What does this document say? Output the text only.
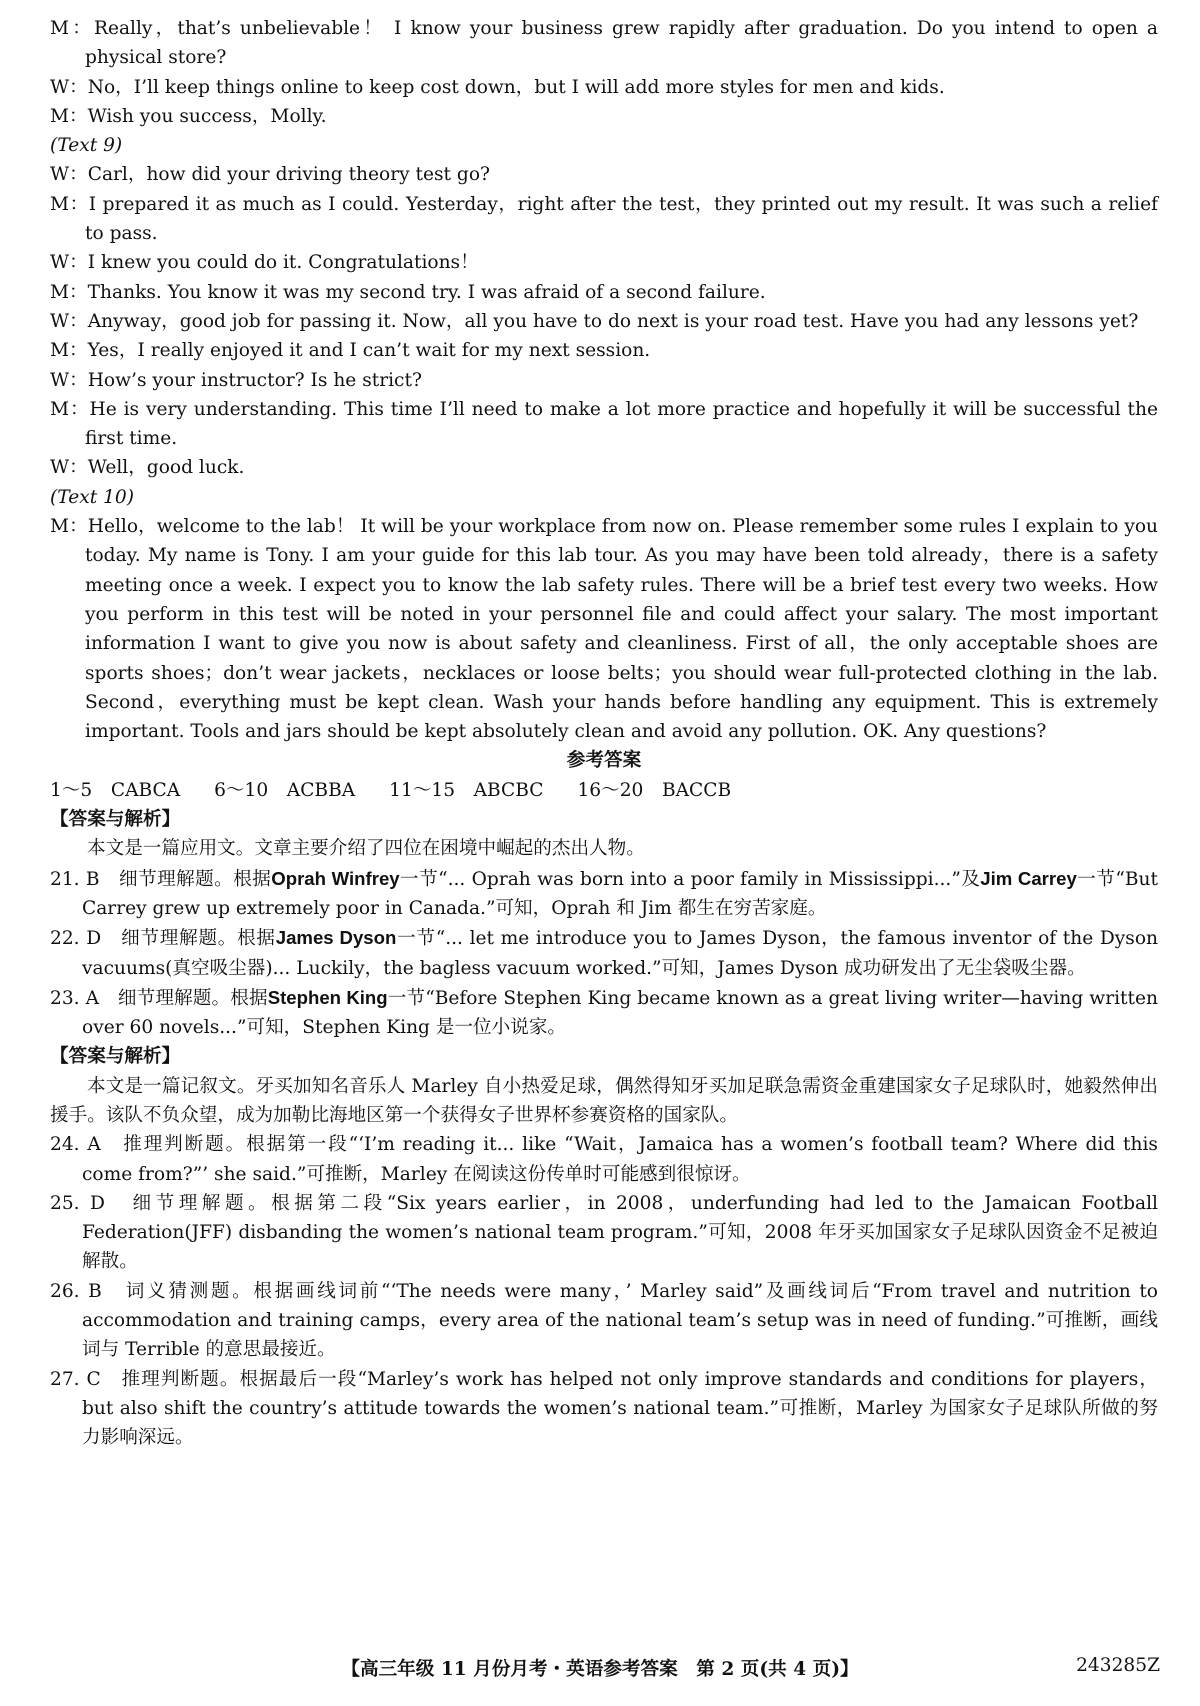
M：Really，that’s unbelievable！ I know your business grew rapidly after graduation. Do you intend to open a physical store?
W：No，I’ll keep things online to keep cost down，but I will add more styles for men and kids.
M：Wish you success，Molly.
(Text 9)
W：Carl，how did your driving theory test go?
M：I prepared it as much as I could. Yesterday，right after the test，they printed out my result. It was such a relief to pass.
W：I knew you could do it. Congratulations！
M：Thanks. You know it was my second try. I was afraid of a second failure.
W：Anyway，good job for passing it. Now，all you have to do next is your road test. Have you had any lessons yet?
M：Yes，I really enjoyed it and I can’t wait for my next session.
W：How’s your instructor? Is he strict?
M：He is very understanding. This time I’ll need to make a lot more practice and hopefully it will be successful the first time.
W：Well，good luck.
(Text 10)
M：Hello，welcome to the lab！ It will be your workplace from now on. Please remember some rules I explain to you today. My name is Tony. I am your guide for this lab tour. As you may have been told already，there is a safety meeting once a week. I expect you to know the lab safety rules. There will be a brief test every two weeks. How you perform in this test will be noted in your personnel file and could affect your salary. The most important information I want to give you now is about safety and cleanliness. First of all，the only acceptable shoes are sports shoes；don’t wear jackets，necklaces or loose belts；you should wear full-protected clothing in the lab. Second，everything must be kept clean. Wash your hands before handling any equipment. This is extremely important. Tools and jars should be kept absolutely clean and avoid any pollution. OK. Any questions?
参考答案
1～5　CABCA 6～10　ACBBA 11～15　ABCBC 16～20　BACCB
【答案与解析】
本文是一篇应用文。文章主要介绍了四位在困境中崛起的杰出人物。
21. B　 细节理解题。根据Oprah Winfrey一节“... Oprah was born into a poor family in Mississippi...”及Jim Carrey一节“But Carrey grew up extremely poor in Canada.”可知，Oprah 和 Jim 都生在穷苦家庭。
22. D　 细节理解题。根据James Dyson一节“... let me introduce you to James Dyson，the famous inventor of the Dyson vacuums(真空吸尘器)... Luckily，the bagless vacuum worked.”可知，James Dyson 成功研发出了无尘袋吸尘器。
23. A　 细节理解题。根据Stephen King一节“Before Stephen King became known as a great living writer—having written over 60 novels...”可知，Stephen King 是一位小说家。
【答案与解析】
本文是一篇记叙文。牙买加知名音乐人 Marley 自小热爱足球，偶然得知牙买加足联急需资金重建国家女子足球队时，她毅然伸出援手。该队不负众望，成为加勒比海地区第一个获得女子世界杯参赛资格的国家队。
24. A　 推理判断题。根据第一段“‘I’m reading it... like “Wait，Jamaica has a women’s football team? Where did this come from?”’ she said.”可推断，Marley 在阅读这份传单时可能感到很惊讶。
25. D　 细节理解题。根据第二段“Six years earlier，in 2008，underfunding had led to the Jamaican Football Federation(JFF) disbanding the women’s national team program.”可知，2008 年牙买加国家女子足球队因资金不足被迫解散。
26. B　 词义猜测题。根据画线词前“‘The needs were many，’ Marley said”及画线词后“From travel and nutrition to accommodation and training camps，every area of the national team’s setup was in need of funding.”可推断，画线词与 Terrible 的意思最接近。
27. C　 推理判断题。根据最后一段“Marley’s work has helped not only improve standards and conditions for players，but also shift the country’s attitude towards the women’s national team.”可推断，Marley 为国家女子足球队所做的努力影响深远。
【高三年级 11 月份月考・英语参考答案　第 2 页(共 4 页)】	243285Z
